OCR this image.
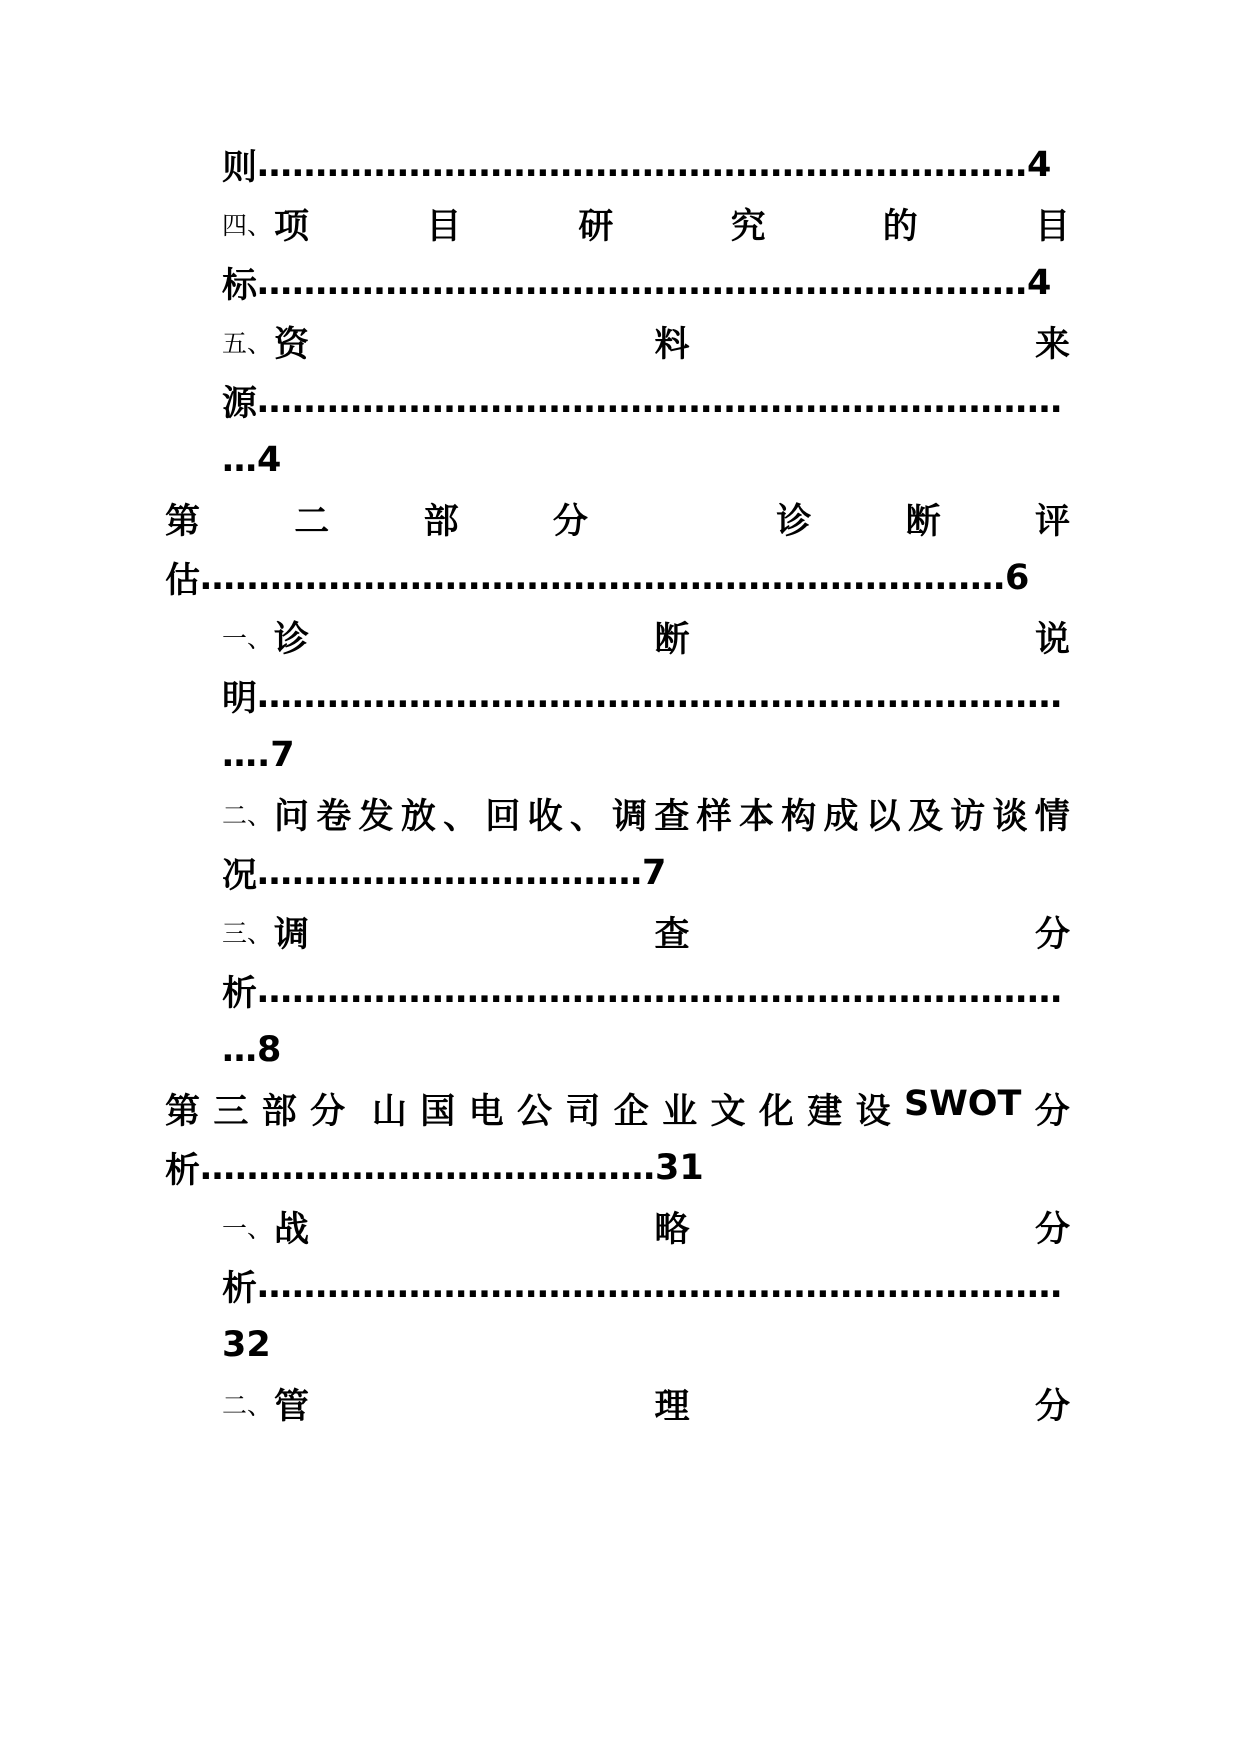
则 ………………………………………………………… 4
四、 项	目	研	究	的	目
标 ………………………………………………………… 4
五、 资	料	来
源 ……………………………………………………………
… 4
第	二	部	分	诊	断	评
估 …………………………………………………………… 6
一、 诊	断	说
明 ……………………………………………………………
…. 7
二、 问 卷 发 放 、 回 收 、 调 查 样 本 构 成 以 及 访 谈 情
况 …………………………… 7
三、 调	查	分
析 ……………………………………………………………
… 8
第 三 部 分 山 国 电 公 司 企 业 文 化 建 设 SWOT 分
析 ………………………………… 31
一、 战	略	分
析 ……………………………………………………………
32
二、 管	理	分
